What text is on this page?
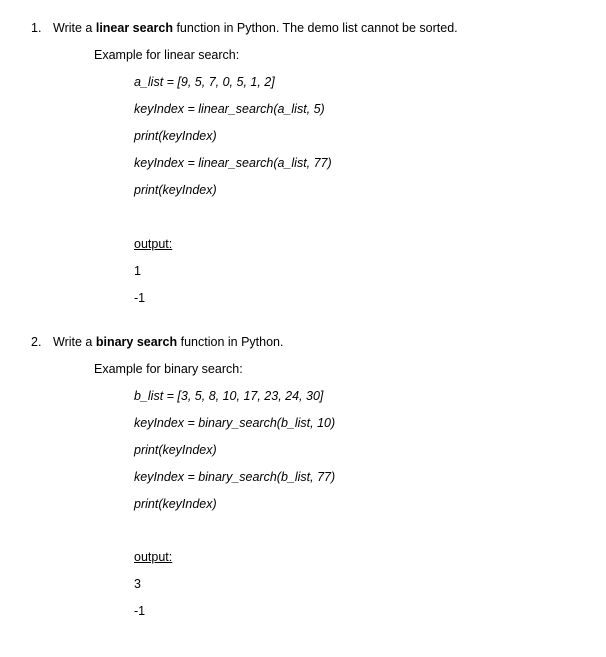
1. Write a linear search function in Python. The demo list cannot be sorted.
Example for linear search:
a_list = [9, 5, 7, 0, 5, 1, 2]
keyIndex = linear_search(a_list, 5)
print(keyIndex)
keyIndex = linear_search(a_list, 77)
print(keyIndex)
output:
1
-1
2. Write a binary search function in Python.
Example for binary search:
b_list = [3, 5, 8, 10, 17, 23, 24, 30]
keyIndex = binary_search(b_list, 10)
print(keyIndex)
keyIndex = binary_search(b_list, 77)
print(keyIndex)
output:
3
-1
